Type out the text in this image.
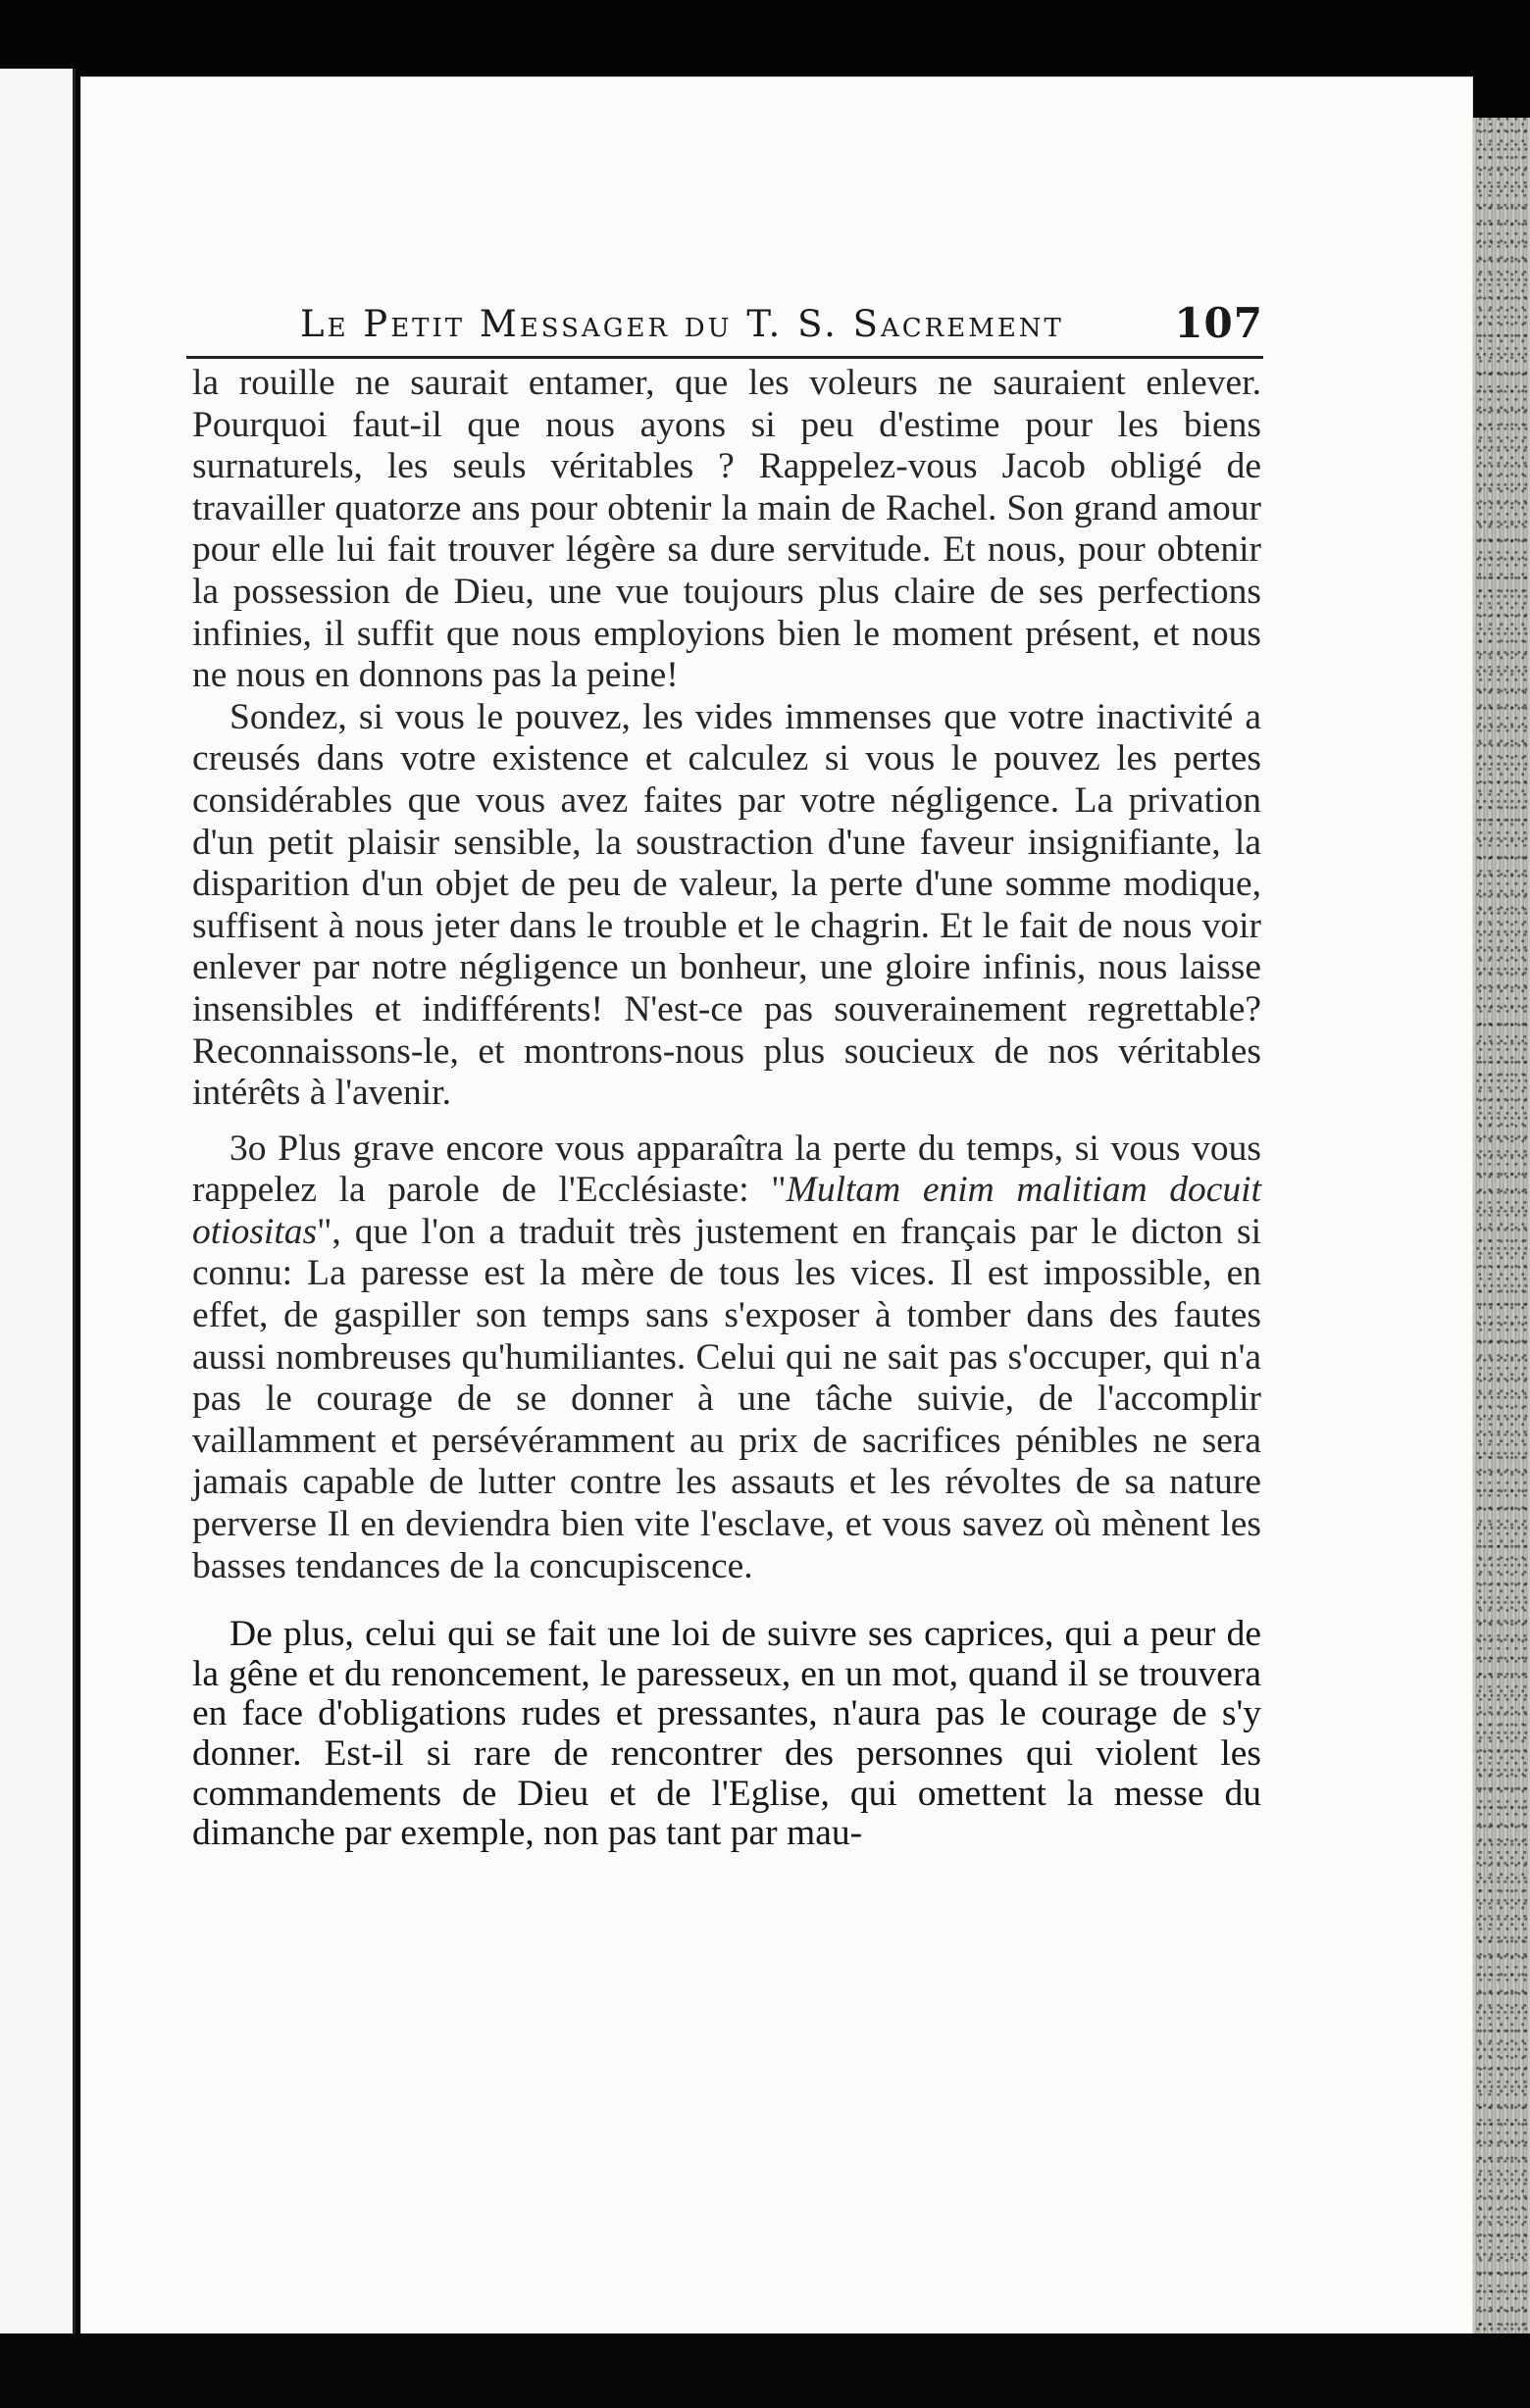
Le Petit Messager du T. S. Sacrement	107

la rouille ne saurait entamer, que les voleurs ne sauraient enlever. Pourquoi faut-il que nous ayons si peu d'estime pour les biens surnaturels, les seuls véritables ? Rappelez-vous Jacob obligé de travailler quatorze ans pour obtenir la main de Rachel. Son grand amour pour elle lui fait trouver légère sa dure servitude. Et nous, pour obtenir la possession de Dieu, une vue toujours plus claire de ses perfections infinies, il suffit que nous employions bien le moment présent, et nous ne nous en donnons pas la peine!

Sondez, si vous le pouvez, les vides immenses que votre inactivité a creusés dans votre existence et calculez si vous le pouvez les pertes considérables que vous avez faites par votre négligence. La privation d'un petit plaisir sensible, la soustraction d'une faveur insignifiante, la disparition d'un objet de peu de valeur, la perte d'une somme modique, suffisent à nous jeter dans le trouble et le chagrin. Et le fait de nous voir enlever par notre négligence un bonheur, une gloire infinis, nous laisse insensibles et indifférents! N'est-ce pas souverainement regrettable? Reconnaissons-le, et montrons-nous plus soucieux de nos véritables intérêts à l'avenir.

3o Plus grave encore vous apparaîtra la perte du temps, si vous vous rappelez la parole de l'Ecclésiaste: "Multam enim malitiam docuit otiositas", que l'on a traduit très justement en français par le dicton si connu: La paresse est la mère de tous les vices. Il est impossible, en effet, de gaspiller son temps sans s'exposer à tomber dans des fautes aussi nombreuses qu'humiliantes. Celui qui ne sait pas s'occuper, qui n'a pas le courage de se donner à une tâche suivie, de l'accomplir vaillamment et persévéramment au prix de sacrifices pénibles ne sera jamais capable de lutter contre les assauts et les révoltes de sa nature perverse Il en deviendra bien vite l'esclave, et vous savez où mènent les basses tendances de la concupiscence.

De plus, celui qui se fait une loi de suivre ses caprices, qui a peur de la gêne et du renoncement, le paresseux, en un mot, quand il se trouvera en face d'obligations rudes et pressantes, n'aura pas le courage de s'y donner. Est-il si rare de rencontrer des personnes qui violent les commandements de Dieu et de l'Eglise, qui omettent la messe du dimanche par exemple, non pas tant par mau-
